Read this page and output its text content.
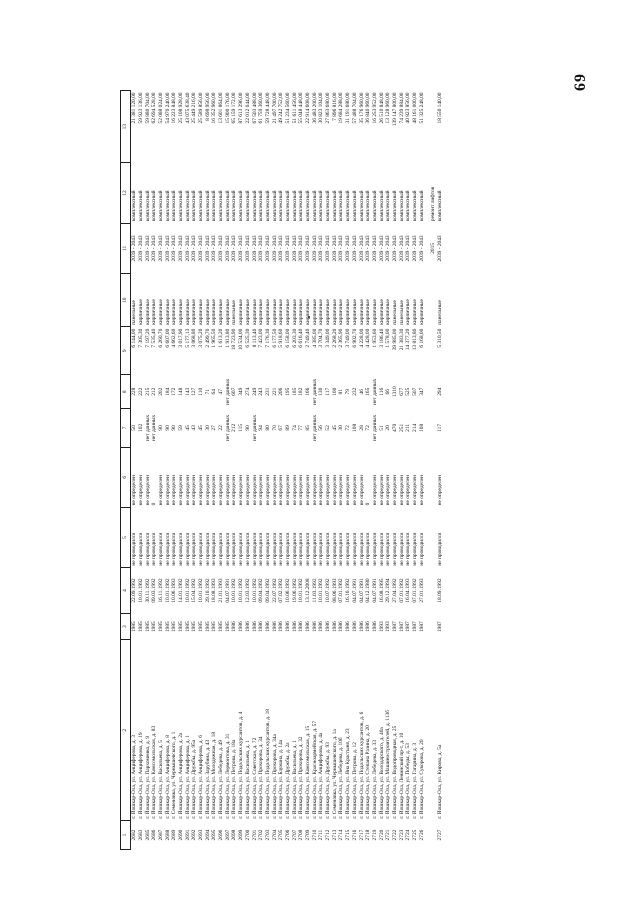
69
1	2	3	4	5	6	7	8	9	10	11	12	13
2682	г. Йошкар-Ола, ул. Анциферова, д. 3	1985	22.09.1992	не проводился	не определен	50	228	6 144,00	панельные	2039 - 2043	комплексный	21 381 120,00
2683	г. Йошкар-Ола, ул. Анциферова, д. 19	1985	10.01.1992	не проводился	не определен	102	222	7 305,30	кирпичные	2039 - 2043	комплексный	59 923 136,00
2685	г. Йошкар-Ола, ул. Пархоменко, д. 9	1985	30.11.1992	не проводился	не определен	нет данных	215	7 197,20	кирпичные	2039 - 2043	комплексный	59 880 704,00
2686	г. Йошкар-Ола, ул. Комсомольская, д. 83	1985	09.03.1992	не проводился	0	нет данных	212	7 535,40	кирпичные	2039 - 2043	комплексный	62 694 528,00
2687	г. Йошкар-Ола, ул. Васильева, д. 5	1985	16.11.1992	не проводился	не определен	90	202	6 260,70	кирпичные	2039 - 2043	комплексный	52 088 024,00
2688	г. Йошкар-Ола, ул. Анциферова, д. 8	1985	10.01.1992	не проводился	не определен	90	184	6 607,00	кирпичные	2039 - 2043	комплексный	54 970 240,00
2689	г. Семеновка, ул. Чернышевского, д. 1	1985	10.06.1993	не проводился	не определен	90	172	4 662,60	кирпичные	2039 - 2043	комплексный	16 223 848,00
2690	г. Йошкар-Ола, ул. Анциферова, д. 2а	1985	14.01.1992	не проводился	не определен	59	148	3 017,90	кирпичные	2039 - 2043	комплексный	25 108 928,00
2691	г. Йошкар-Ола, ул. Анциферова, д. 1	1985	10.01.1992	не проводился	не определен	45	143	5 177,13	кирпичные	2039 - 2043	комплексный	43 075 638,40
2692	г. Йошкар-Ола, ул. Дружбы, д. 95а	1985	15.04.1992	не проводился	не определен	43	127	3 068,80	кирпичные	2039 - 2043	комплексный	25 449 216,00
2693	г. Йошкар-Ола, ул. Анциферова, д. 6	1985	10.01.1992	не проводился	не определен	45	110	3 075,20	кирпичные	2039 - 2043	комплексный	25 589 856,00
2694	г. Йошкар-Ола, ул. Зарубина, д. 43	1985	29.10.1992	не проводился	не определен	30	71	2 499,70	кирпичные	2039 - 2043	комплексный	8 698 956,00
2695	г. Йошкар-Ола, ул. Молодежная, д. 18	1985	18.08.1993	не проводился	не определен	27	64	1 965,50	кирпичные	2039 - 2043	комплексный	16 352 960,00
2696	г. Йошкар-Ола, ул. Лебедева, д. 49	1985	21.01.1993	не проводился	не определен	22	47	1 613,20	кирпичные	2039 - 2043	комплексный	13 601 864,00
2697	г. Йошкар-Ола, ул. Лермонтова, д. 31	1985	04.07.1991	не проводился	не определен	нет данных	нет данных	1 913,80	кирпичные	2039 - 2043	комплексный	15 900 176,00
2698	г. Йошкар-Ола, ул. Петрова, д. 18а	1986	10.01.1992	не проводился	не определен	212	607	18 723,90	панельные	2039 - 2043	комплексный	65 159 172,00
2699	г. Йошкар-Ола, ул. Подольских курсантов, д. 4	1986	10.01.1992	не проводился	не определен	115	349	10 534,00	кирпичные	2039 - 2043	комплексный	87 613 296,00
2700	г. Йошкар-Ола, ул. Васильева, д. 1	1986	12.03.1992	не проводился	не определен	90	274	6 525,30	кирпичные	2039 - 2043	комплексный	22 012 044,00
2701	г. Йошкар-Ола, ул. Советская, д. 72	1986	10.01.1992	не проводился	не определен	нет данных	249	8 113,40	кирпичные	2039 - 2043	комплексный	67 503 488,00
2702	г. Йошкар-Ола, ул. Прохорова, д. 34	1986	09.04.1992	не проводился	не определен	94	243	7 423,00	кирпичные	2039 - 2043	комплексный	61 759 360,00
2703	г. Йошкар-Ола, ул. Подольских курсантов, д. 18	1986	09.04.1992	не проводился	не определен	80	231	7 176,30	кирпичные	2039 - 2043	комплексный	59 728 448,00
2704	г. Йошкар-Ола, ул. Прохорова, д. 34а	1986	22.07.1992	не проводился	не определен	70	221	6 177,50	кирпичные	2039 - 2043	комплексный	21 497 700,00
2705	г. Йошкар-Ола, ул. Баумана, д. 14а	1986	07.02.1992	не проводился	не определен	67	206	5 918,60	кирпичные	2039 - 2043	комплексный	49 242 752,00
2706	г. Йошкар-Ола, ул. Дружбы, д. 2а	1986	10.06.1992	не проводился	не определен	89	195	6 158,00	кирпичные	2039 - 2043	комплексный	51 234 560,00
2707	г. Йошкар-Ола, ул. Васильева, д. 1	1986	19.06.1992	не проводился	не определен	74	185	6 203,30	кирпичные	2039 - 2043	комплексный	51 611 456,00
2708	г. Йошкар-Ола, ул. Прохорова, д. 32	1986	10.01.1992	не проводился	не определен	77	182	6 616,40	кирпичные	2039 - 2043	комплексный	55 048 448,00
2709	г. Йошкар-Ола, ул. Комсомольская, д. 15	1986	13.12.2008	не проводился	не определен	85	166	2 749,40	кирпичные	2039 - 2043	комплексный	22 914 608,00
2710	г. Йошкар-Ола, ул. Красноармейская, д. 57	1986	11.03.1992	не проводился	не определен	нет данных	нет данных	4 385,00	кирпичные	2039 - 2043	комплексный	36 483 200,00
2711	г. Йошкар-Ола, ул. Анциферова, д. 4а	1986	10.01.1992	не проводился	не определен	56	130	3 704,70	кирпичные	2039 - 2043	комплексный	30 823 104,00
2712	г. Йошкар-Ола, ул. Дружбы, д. 93	1986	10.07.1992	не проводился	не определен	52	117	3 349,00	кирпичные	2039 - 2043	комплексный	27 863 680,00
2713	г. Семеновка, ул. Чернышевского, д. 1а	1986	08.06.1993	не проводился	не определен	45	100	2 268,20	кирпичные	2039 - 2043	комплексный	7 896 816,00
2714	г. Йошкар-Ола, ул. Лебедева, д. 10б	1986	07.01.1992	не проводился	не определен	30	81	2 365,90	кирпичные	2039 - 2043	комплексный	19 684 288,00
2715	г. Йошкар-Ола, ул. Яна Крастыня, д. 23	1986	16.10.1992	не проводился	не определен	72	79	3 749,00	кирпичные	2039 - 2043	комплексный	31 191 680,00
2716	г. Йошкар-Ола, ул. Петрова, д. 12	1986	04.07.1991	не проводился	не определен	108	232	6 902,70	кирпичные	2039 - 2043	комплексный	57 488 704,00
2717	г. Йошкар-Ола, ул. Подольских курсантов, д. 6	1986	04.07.1991	не проводился	не определен	28	46	4 228,00	кирпичные	2039 - 2043	комплексный	35 176 960,00
2718	г. Йошкар-Ола, ул. Степана Разина, д. 20	1986	04.12.1980	не проводился	0	72	165	4 428,00	кирпичные	2039 - 2043	комплексный	36 840 960,00
2719	г. Йошкар-Ола, ул. Лебедева, д. 33	1986	04.07.1991	не проводился	не определен	нет данных	нет данных	1 953,60	кирпичные	2039 - 2043	комплексный	16 253 952,00
2720	г. Йошкар-Ола, ул. Володарского, д. 40а	1993	16.08.1995	не проводился	не определен	51	116	3 186,40	кирпичные	2039 - 2043	комплексный	26 510 848,00
2721	г. Йошкар-Ола, ул. Машиностроителей, д. 113б	1993	29.12.1994	не проводился	не определен	20	66	1 578,00	кирпичные	2039 - 2043	комплексный	13 128 960,00
2722	г. Йошкар-Ола, ул. Водопроводная, д. 25	1987	27.04.1992	не проводился	не определен	470	1310	39 985,00	панельные	2039 - 2043	комплексный	139 147 800,00
2723	г. Йошкар-Ола, Ленинский пр-т, д. 10	1987	07.01.1992	не проводился	не определен	251	677	21 383,30	панельные	2039 - 2043	комплексный	74 239 884,00
2724	г. Йошкар-Ола, ул. Победы, д. 53	1987	16.04.1993	не проводился	не определен	211	525	14 377,20	кирпичные	2039 - 2043	комплексный	40 823 856,00
2725	г. Йошкар-Ола, ул. Гагарина, д. 3	1987	07.01.1992	не проводился	не определен	214	507	13 813,80	кирпичные	2039 - 2043	комплексный	48 161 000,00
2726	г. Йошкар-Ола, ул. Суворова, д. 20	1987	27.01.1993	не проводился	не определен	108	347	6 168,00	кирпичные	2039 - 2043	комплексный	51 325 248,00
										2015	ремонт лифтов	
2727	г. Йошкар-Ола, ул. Кирова, д. 5а	1987	18.09.1992	не проводился	не определен	117	294	5 310,50	панельные	2039 - 2043	комплексный	18 550 140,00
